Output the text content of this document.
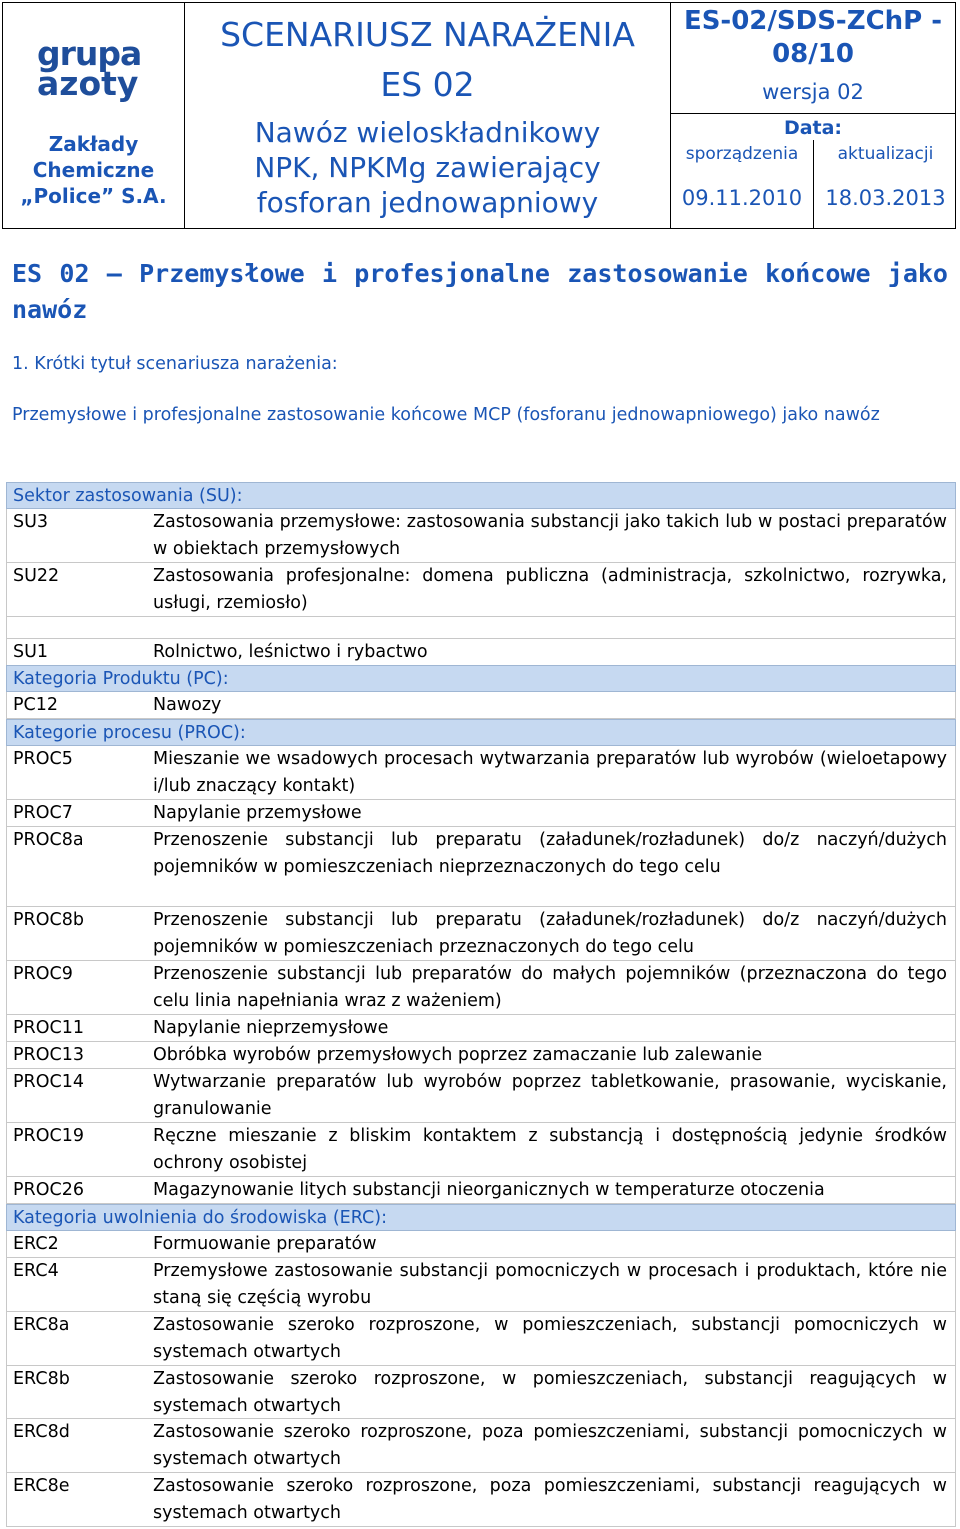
grupa
azoty
Zakłady
Chemiczne
„Police” S.A.
SCENARIUSZ NARAŻENIA
ES 02
Nawóz wieloskładnikowy
NPK, NPKMg zawierający
fosforan jednowapniowy
ES-02/SDS-ZChP -
08/10
wersja 02
Data:
sporządzenia	aktualizacji
09.11.2010	18.03.2013
ES 02 – Przemysłowe i profesjonalne zastosowanie końcowe jako nawóz
1. Krótki tytuł scenariusza narażenia:
Przemysłowe i profesjonalne zastosowanie końcowe MCP (fosforanu jednowapniowego) jako nawóz
Sektor zastosowania (SU):
SU3	Zastosowania przemysłowe: zastosowania substancji jako takich lub w postaci preparatów w obiektach przemysłowych
SU22	Zastosowania profesjonalne: domena publiczna (administracja, szkolnictwo, rozrywka, usługi, rzemiosło)
SU1	Rolnictwo, leśnictwo i rybactwo
Kategoria Produktu (PC):
PC12	Nawozy
Kategorie procesu (PROC):
PROC5	Mieszanie we wsadowych procesach wytwarzania preparatów lub wyrobów (wieloetapowy i/lub znaczący kontakt)
PROC7	Napylanie przemysłowe
PROC8a	Przenoszenie substancji lub preparatu (załadunek/rozładunek) do/z naczyń/dużych pojemników w pomieszczeniach nieprzeznaczonych do tego celu
PROC8b	Przenoszenie substancji lub preparatu (załadunek/rozładunek) do/z naczyń/dużych pojemników w pomieszczeniach przeznaczonych do tego celu
PROC9	Przenoszenie substancji lub preparatów do małych pojemników (przeznaczona do tego celu linia napełniania wraz z ważeniem)
PROC11	Napylanie nieprzemysłowe
PROC13	Obróbka wyrobów przemysłowych poprzez zamaczanie lub zalewanie
PROC14	Wytwarzanie preparatów lub wyrobów poprzez tabletkowanie, prasowanie, wyciskanie, granulowanie
PROC19	Ręczne mieszanie z bliskim kontaktem z substancją i dostępnością jedynie środków ochrony osobistej
PROC26	Magazynowanie litych substancji nieorganicznych w temperaturze otoczenia
Kategoria uwolnienia do środowiska (ERC):
ERC2	Formuowanie preparatów
ERC4	Przemysłowe zastosowanie substancji pomocniczych w procesach i produktach, które nie staną się częścią wyrobu
ERC8a	Zastosowanie szeroko rozproszone, w pomieszczeniach, substancji pomocniczych w systemach otwartych
ERC8b	Zastosowanie szeroko rozproszone, w pomieszczeniach, substancji reagujących w systemach otwartych
ERC8d	Zastosowanie szeroko rozproszone, poza pomieszczeniami, substancji pomocniczych w systemach otwartych
ERC8e	Zastosowanie szeroko rozproszone, poza pomieszczeniami, substancji reagujących w systemach otwartych
